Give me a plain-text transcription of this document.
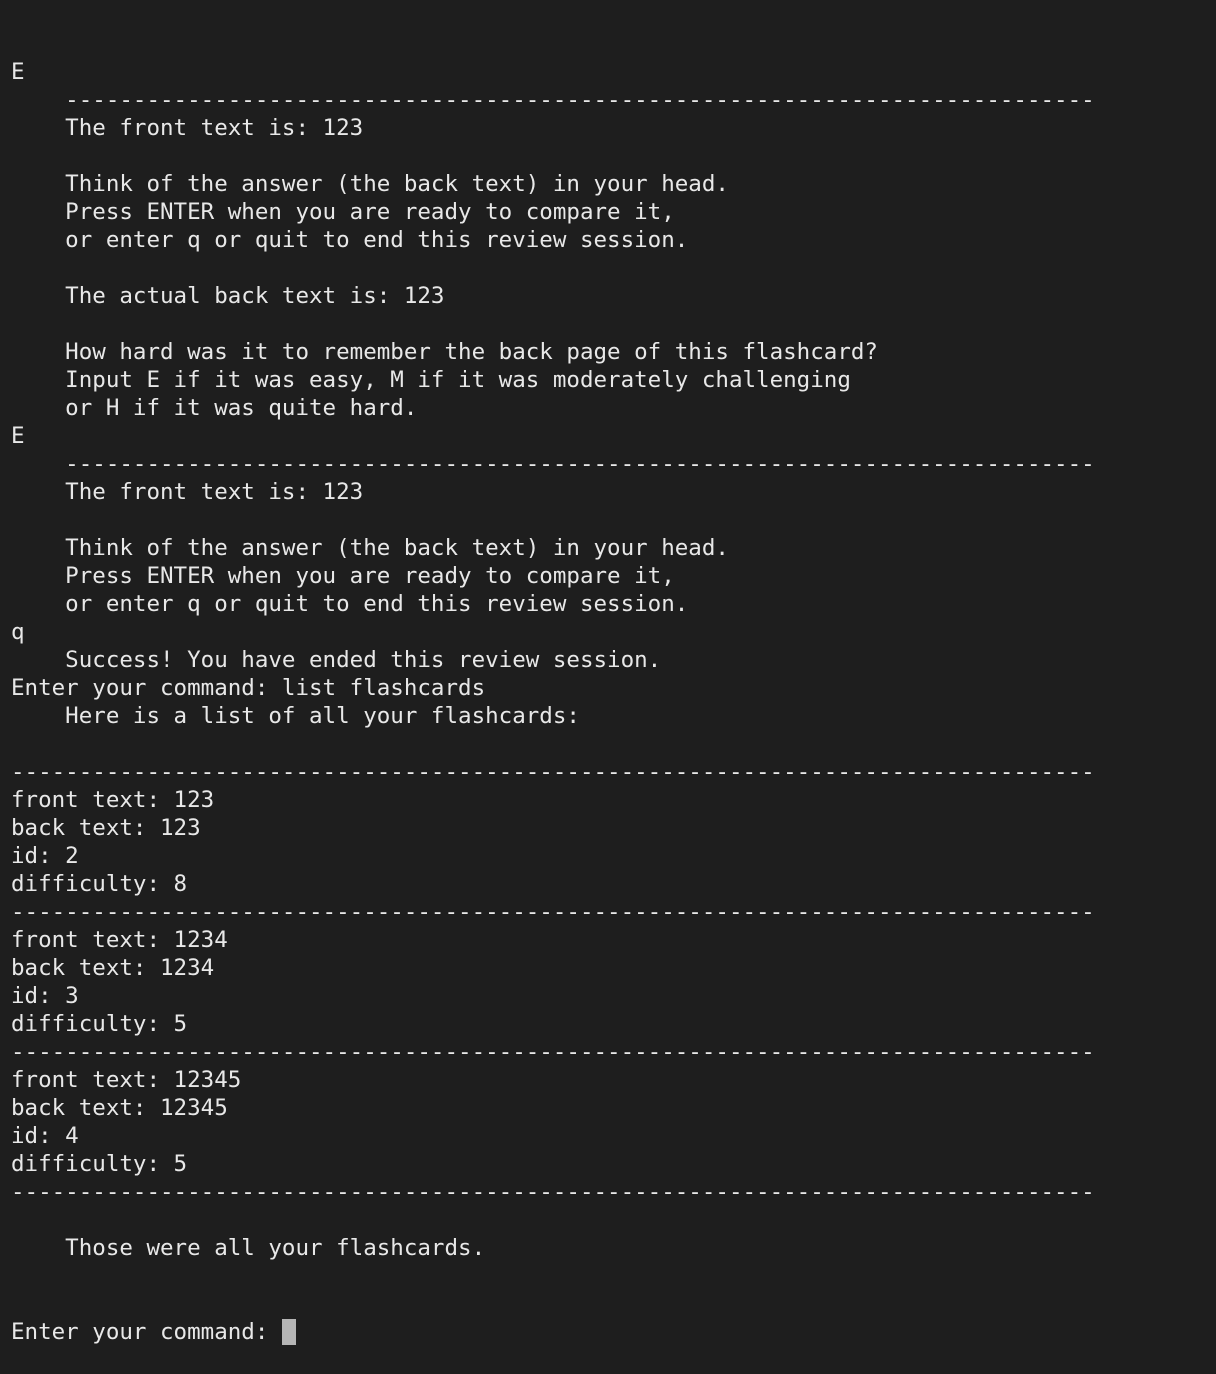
E
----------------------------------------------------------------------------
The front text is: 123
Think of the answer (the back text) in your head.
Press ENTER when you are ready to compare it,
or enter q or quit to end this review session.
The actual back text is: 123
How hard was it to remember the back page of this flashcard?
Input E if it was easy, M if it was moderately challenging
or H if it was quite hard.
E
----------------------------------------------------------------------------
The front text is: 123
Think of the answer (the back text) in your head.
Press ENTER when you are ready to compare it,
or enter q or quit to end this review session.
q
Success! You have ended this review session.
Enter your command: list flashcards
Here is a list of all your flashcards:
--------------------------------------------------------------------------------
front text: 123
back text: 123
id: 2
difficulty: 8
--------------------------------------------------------------------------------
front text: 1234
back text: 1234
id: 3
difficulty: 5
--------------------------------------------------------------------------------
front text: 12345
back text: 12345
id: 4
difficulty: 5
--------------------------------------------------------------------------------
Those were all your flashcards.

Enter your command:
